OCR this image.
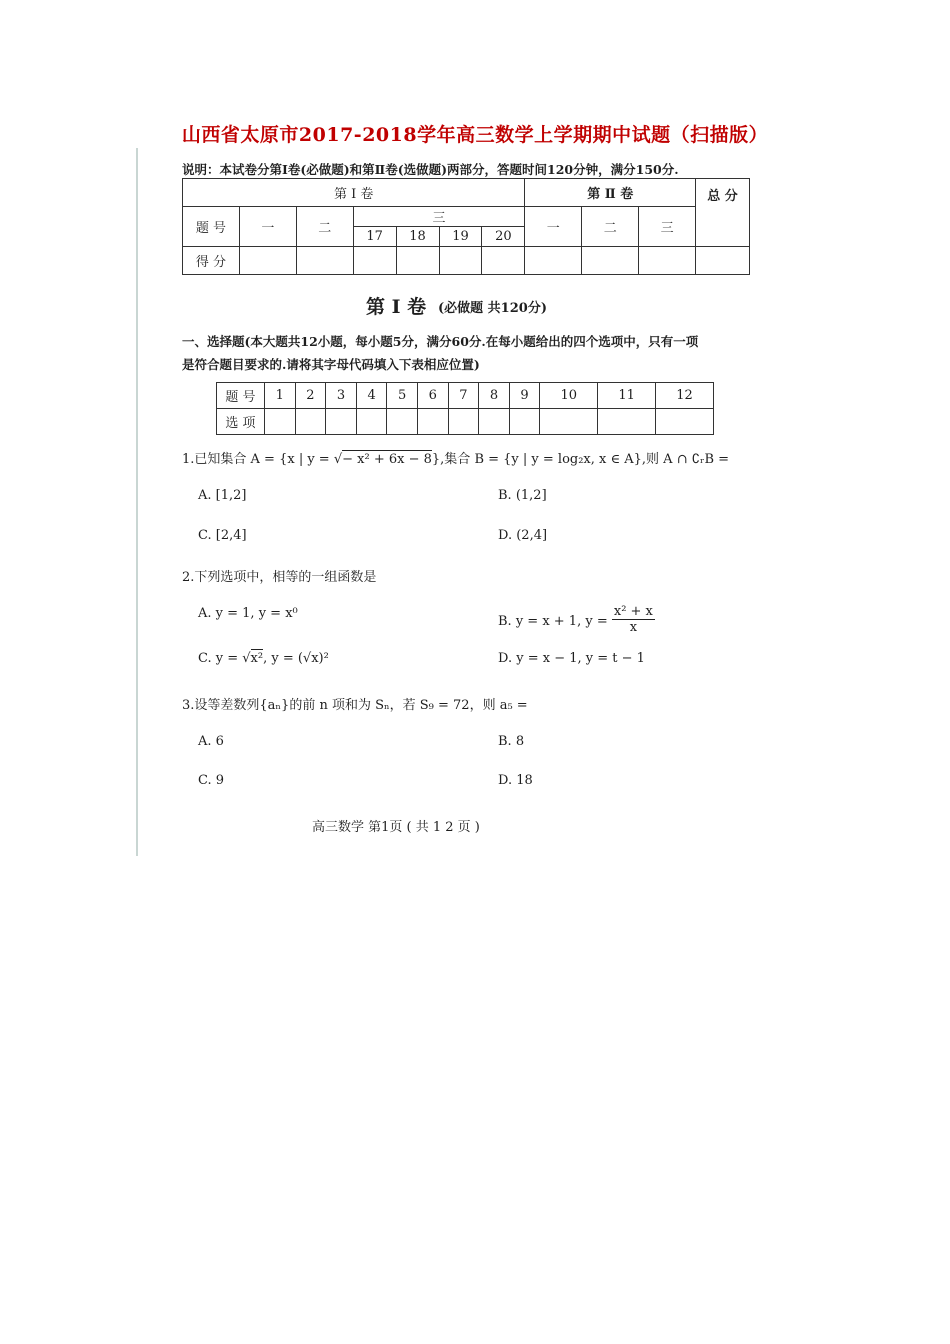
山西省太原市2017-2018学年高三数学上学期期中试题（扫描版）
说明：本试卷分第Ⅰ卷(必做题)和第Ⅱ卷(选做题)两部分，答题时间120分钟，满分150分.
第 Ⅰ 卷							第 Ⅱ 卷			总 分
题 号	一	二	三				一	二	三	
			17	18	19	20				
得 分										
第 Ⅰ 卷 (必做题 共120分)
一、选择题(本大题共12小题，每小题5分，满分60分.在每小题给出的四个选项中，只有一项
是符合题目要求的.请将其字母代码填入下表相应位置)
题 号	1	2	3	4	5	6	7	8	9	10	11	12
选 项												
1.已知集合 A = {x | y = √− x² + 6x − 8},集合 B = {y | y = log₂x, x ∈ A},则 A ∩ ∁ᵣB =
A. [1,2]	B. (1,2]
C. [2,4]	D. (2,4]
2.下列选项中，相等的一组函数是
A. y = 1, y = x⁰
B. y = x + 1, $y = \frac{\text{x² + x}}{x}$
C. y = √x², y = (√x)²	D. y = x − 1, y = t − 1
3.设等差数列{aₙ}的前 n 项和为 Sₙ，若 S₉ = 72，则 a₅ =
A. 6	B. 8
C. 9	D. 18
高三数学 第1页 ( 共 1 2 页 )
